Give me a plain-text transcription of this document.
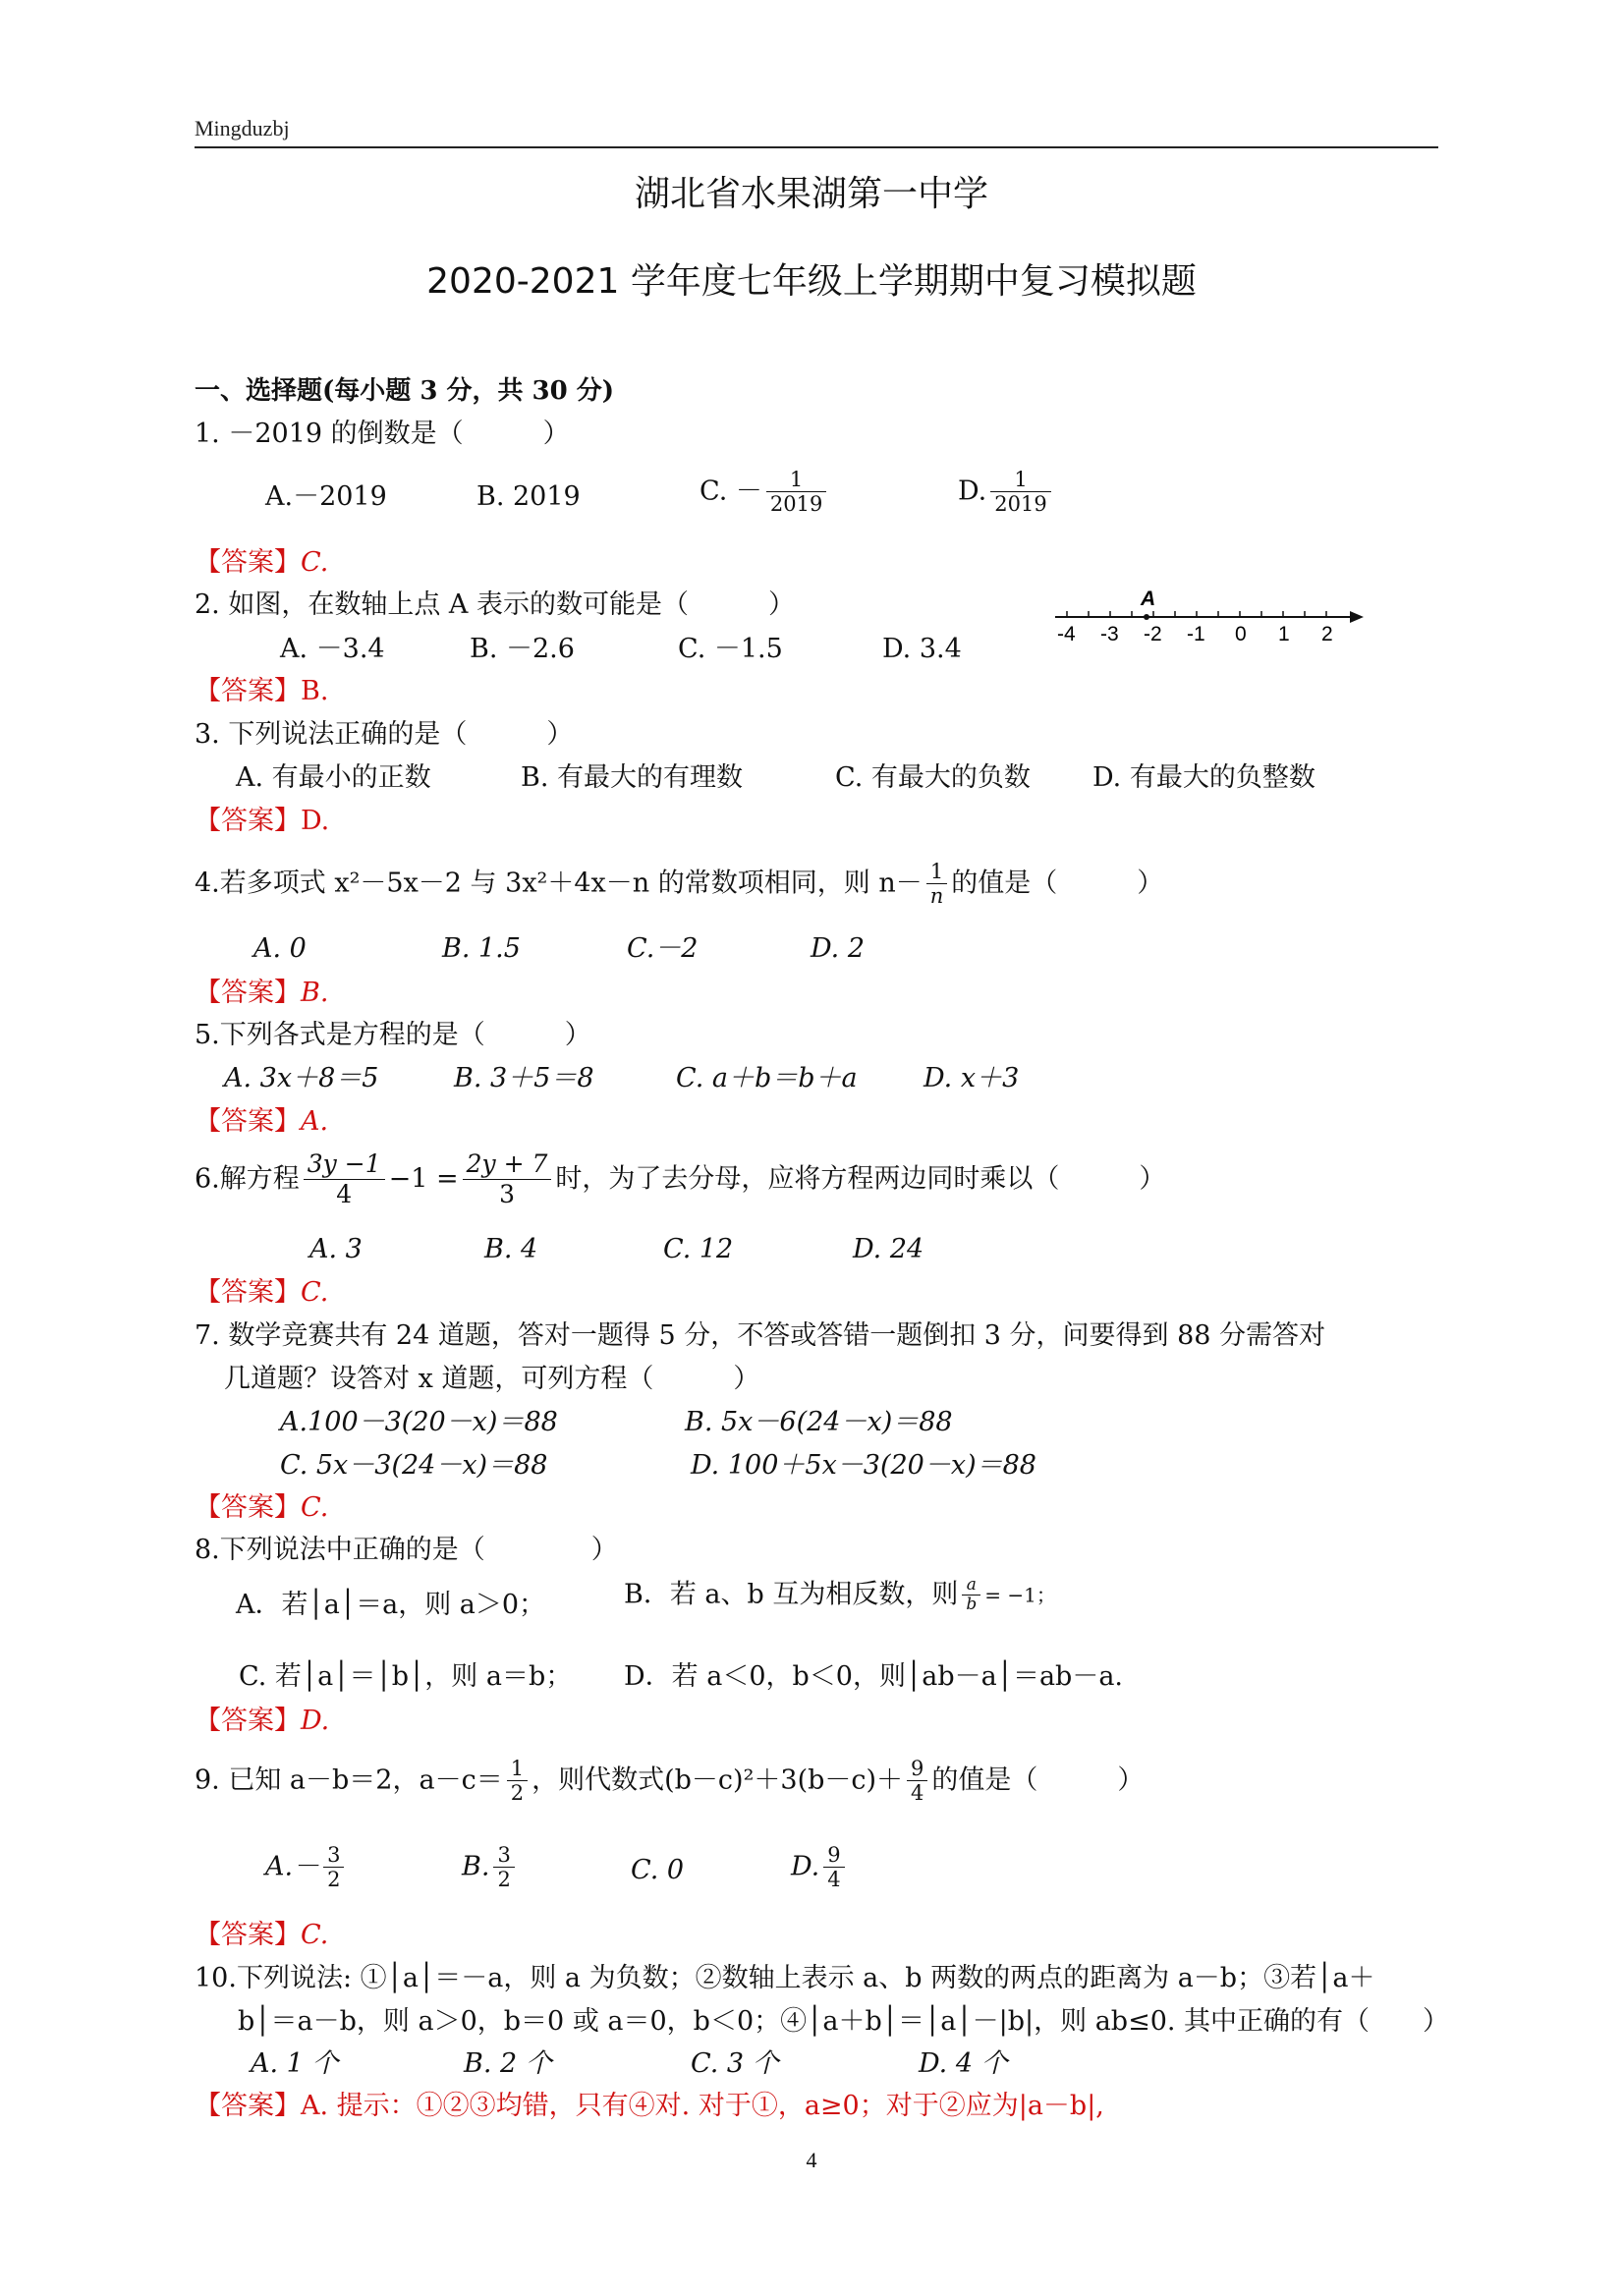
Mingduzbj
湖北省水果湖第一中学
2020-2021 学年度七年级上学期期中复习模拟题
一、选择题(每小题 3 分，共 30 分)
1. －2019 的倒数是（　　　）
A.－2019	B. 2019	C. － $\frac{1}{2019}$	D. $\frac{1}{2019}$
【答案】C.
2. 如图，在数轴上点 A 表示的数可能是（　　　）
A. －3.4	B. －2.6	C. －1.5	D. 3.4	-4 -3 -2 -1 0 1 2
A
【答案】B.
3. 下列说法正确的是（　　　）
A. 有最小的正数	B. 有最大的有理数	C. 有最大的负数 D. 有最大的负整数
【答案】D.
4.若多项式 x²－5x－2 与 3x²＋4x－n 的常数项相同，则 $n- \frac{1}{n}$ 的值是（　　　）
A. 0	B. 1.5	C.－2	D. 2
【答案】B.
5.下列各式是方程的是（　　　）
A. 3x＋8＝5	B. 3＋5＝8	C. a＋b＝b＋a D. x＋3
【答案】A.
6.解方程 $\frac{3y -1}{4} -1 = \frac{2y + 7}{3}$ 时，为了去分母，应将方程两边同时乘以（　　　）
A. 3	B. 4	C. 12	D. 24
【答案】C.
7. 数学竞赛共有 24 道题，答对一题得 5 分，不答或答错一题倒扣 3 分，问要得到 88 分需答对
几道题？设答对 x 道题，可列方程（　　　）
A.100－3(20－x)＝88	B. 5x－6(24－x)＝88
C. 5x－3(24－x)＝88	D. 100＋5x－3(20－x)＝88
【答案】C.
8.下列说法中正确的是（　　　　）
A．若│a│＝a，则 a＞0；	B．若 a、b 互为相反数，则 $\frac{a}{b} = -1$；
C. 若│a│＝│b│，则 a＝b； D．若 a＜0，b＜0，则│ab－a│＝ab－a.
【答案】D.
9. 已知 a－b＝2，$a-c= \frac{1}{2}$ ，则代数式$(b-c)^2+3(b-c)+ \frac{9}{4}$ 的值是（　　　）
$A.- \frac{3}{2}$	B. $\frac{3}{2}$	C. 0	D. $\frac{9}{4}$
【答案】C.
10.下列说法: ①│a│＝－a，则 a 为负数；②数轴上表示 a、b 两数的两点的距离为 a－b；③若│a＋
b│＝a－b，则 a＞0，b＝0 或 a＝0，b＜0；④│a＋b│＝│a│－|b|，则 ab≤0. 其中正确的有（　　）
A. 1 个	B. 2 个	C. 3 个	D. 4 个
【答案】A. 提示：①②③均错，只有④对. 对于①，a≥0；对于②应为|a－b|,
4
